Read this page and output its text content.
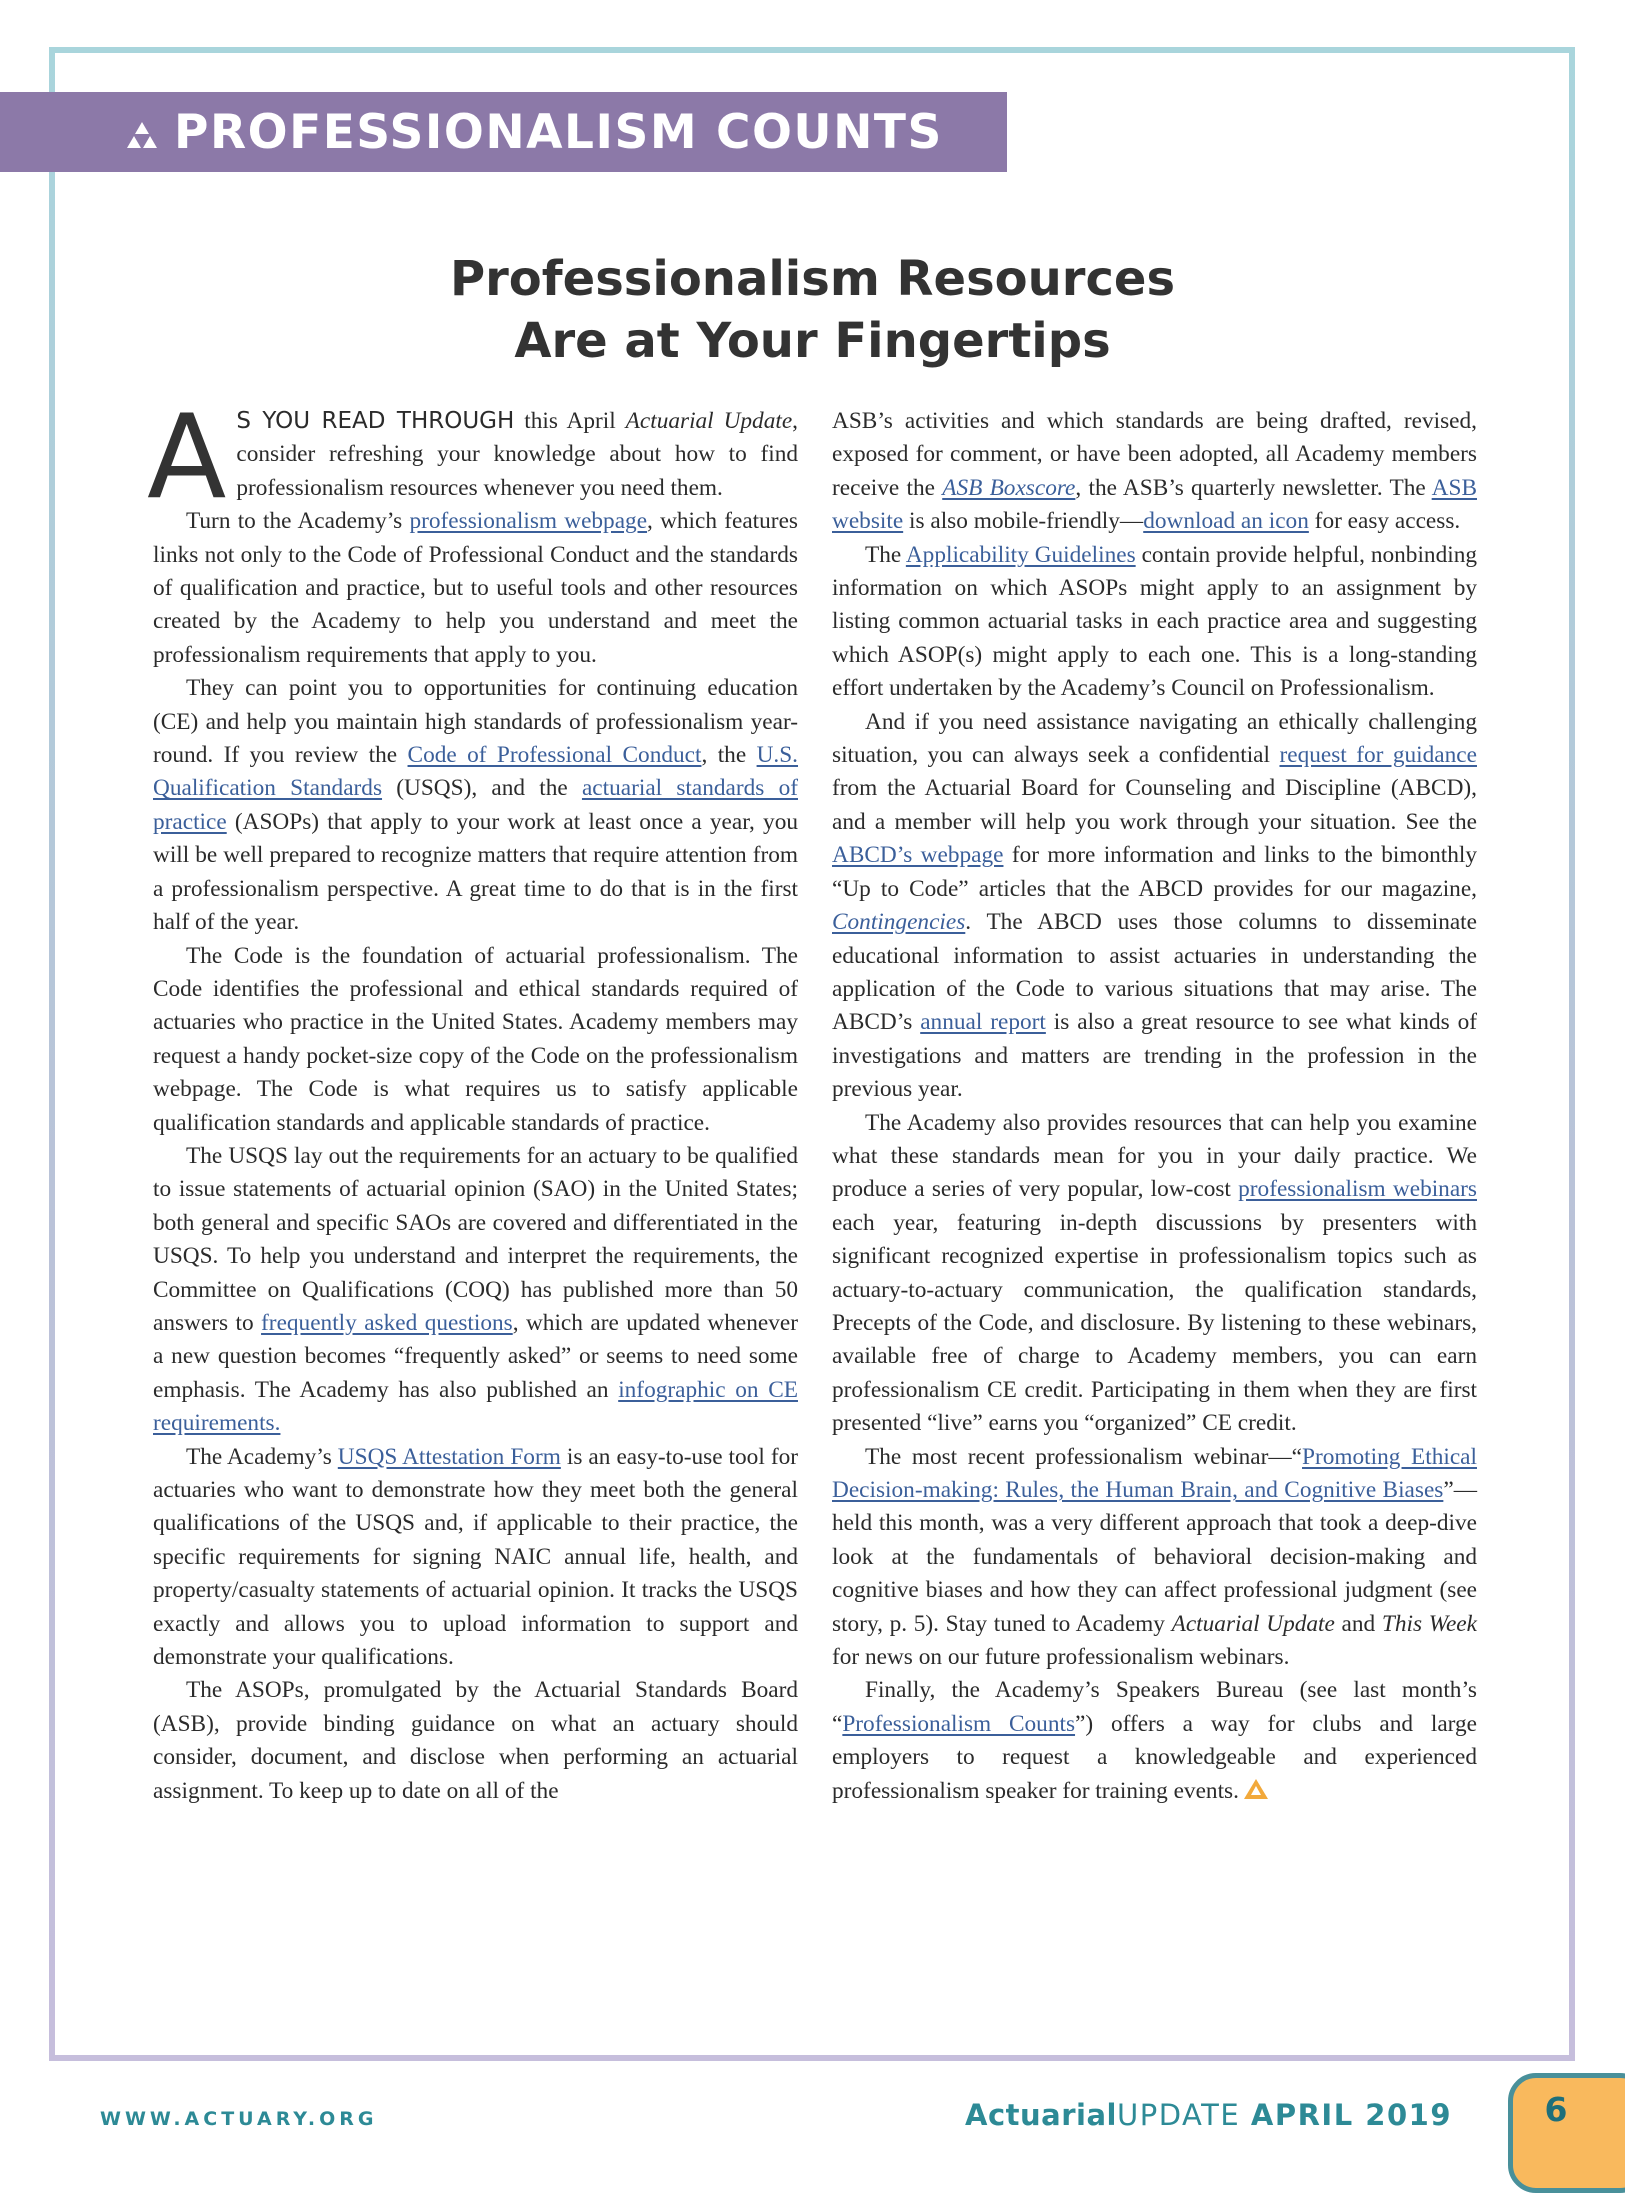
PROFESSIONALISM COUNTS
Professionalism Resources
Are at Your Fingertips

A S YOU READ THROUGH this April Actuarial Update, consider refreshing your knowledge about how to find professionalism resources whenever you need them.

Turn to the Academy’s professionalism webpage, which features links not only to the Code of Professional Conduct and the standards of qualification and practice, but to useful tools and other resources created by the Academy to help you understand and meet the professionalism requirements that apply to you.

They can point you to opportunities for continuing education (CE) and help you maintain high standards of professionalism year-round. If you review the Code of Professional Conduct, the U.S. Qualification Standards (USQS), and the actuarial standards of practice (ASOPs) that apply to your work at least once a year, you will be well prepared to recognize matters that require attention from a professionalism perspective. A great time to do that is in the first half of the year.

The Code is the foundation of actuarial professionalism. The Code identifies the professional and ethical standards required of actuaries who practice in the United States. Academy members may request a handy pocket-size copy of the Code on the professionalism webpage. The Code is what requires us to satisfy applicable qualification standards and applicable standards of practice.

The USQS lay out the requirements for an actuary to be qualified to issue statements of actuarial opinion (SAO) in the United States; both general and specific SAOs are covered and differentiated in the USQS. To help you understand and interpret the requirements, the Committee on Qualifications (COQ) has published more than 50 answers to frequently asked questions, which are updated whenever a new question becomes “frequently asked” or seems to need some emphasis. The Academy has also published an infographic on CE requirements.

The Academy’s USQS Attestation Form is an easy-to-use tool for actuaries who want to demonstrate how they meet both the general qualifications of the USQS and, if applicable to their practice, the specific requirements for signing NAIC annual life, health, and property/casualty statements of actuarial opinion. It tracks the USQS exactly and allows you to upload information to support and demonstrate your qualifications.

The ASOPs, promulgated by the Actuarial Standards Board (ASB), provide binding guidance on what an actuary should consider, document, and disclose when performing an actuarial assignment. To keep up to date on all of the

ASB’s activities and which standards are being drafted, revised, exposed for comment, or have been adopted, all Academy members receive the ASB Boxscore, the ASB’s quarterly newsletter. The ASB website is also mobile-friendly—download an icon for easy access.

The Applicability Guidelines contain provide helpful, nonbinding information on which ASOPs might apply to an assignment by listing common actuarial tasks in each practice area and suggesting which ASOP(s) might apply to each one. This is a long-standing effort undertaken by the Academy’s Council on Professionalism.

And if you need assistance navigating an ethically challenging situation, you can always seek a confidential request for guidance from the Actuarial Board for Counseling and Discipline (ABCD), and a member will help you work through your situation. See the ABCD’s webpage for more information and links to the bimonthly “Up to Code” articles that the ABCD provides for our magazine, Contingencies. The ABCD uses those columns to disseminate educational information to assist actuaries in understanding the application of the Code to various situations that may arise. The ABCD’s annual report is also a great resource to see what kinds of investigations and matters are trending in the profession in the previous year.

The Academy also provides resources that can help you examine what these standards mean for you in your daily practice. We produce a series of very popular, low-cost professionalism webinars each year, featuring in-depth discussions by presenters with significant recognized expertise in professionalism topics such as actuary-to-actuary communication, the qualification standards, Precepts of the Code, and disclosure. By listening to these webinars, available free of charge to Academy members, you can earn professionalism CE credit. Participating in them when they are first presented “live” earns you “organized” CE credit.

The most recent professionalism webinar—“Promoting Ethical Decision-making: Rules, the Human Brain, and Cognitive Biases”—held this month, was a very different approach that took a deep-dive look at the fundamentals of behavioral decision-making and cognitive biases and how they can affect professional judgment (see story, p. 5). Stay tuned to Academy Actuarial Update and This Week for news on our future professionalism webinars.

Finally, the Academy’s Speakers Bureau (see last month’s “Professionalism Counts”) offers a way for clubs and large employers to request a knowledgeable and experienced professionalism speaker for training events.

WWW.ACTUARY.ORG	ActuarialUPDATE APRIL 2019	6
